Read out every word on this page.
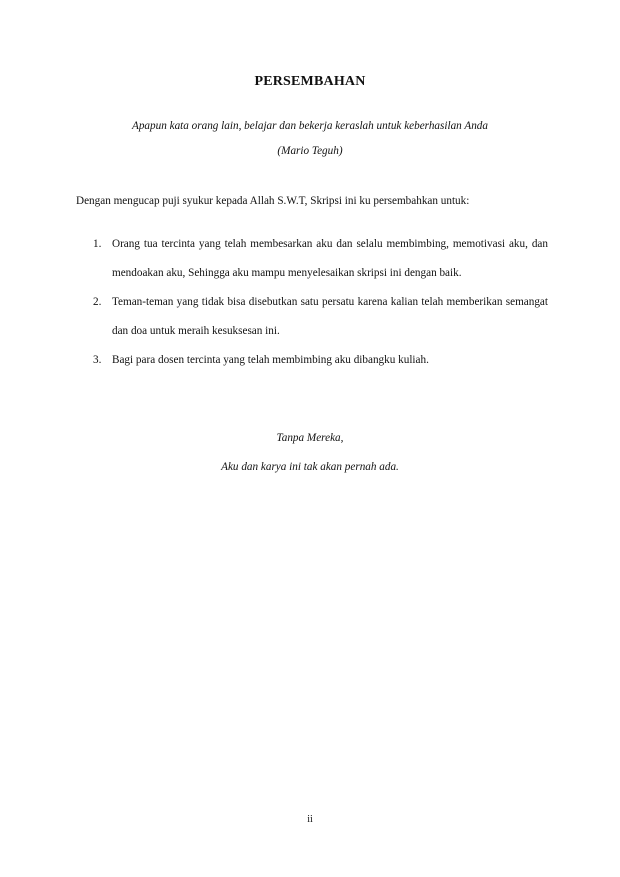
PERSEMBAHAN

Apapun kata orang lain, belajar dan bekerja keraslah untuk keberhasilan Anda

(Mario Teguh)

Dengan mengucap puji syukur kepada Allah S.W.T, Skripsi ini ku persembahkan untuk:

1. Orang tua tercinta yang telah membesarkan aku dan selalu membimbing, memotivasi aku, dan mendoakan aku, Sehingga aku mampu menyelesaikan skripsi ini dengan baik.
2. Teman-teman yang tidak bisa disebutkan satu persatu karena kalian telah memberikan semangat dan doa untuk meraih kesuksesan ini.
3. Bagi para dosen tercinta yang telah membimbing aku dibangku kuliah.

Tanpa Mereka,

Aku dan karya ini tak akan pernah ada.

ii
